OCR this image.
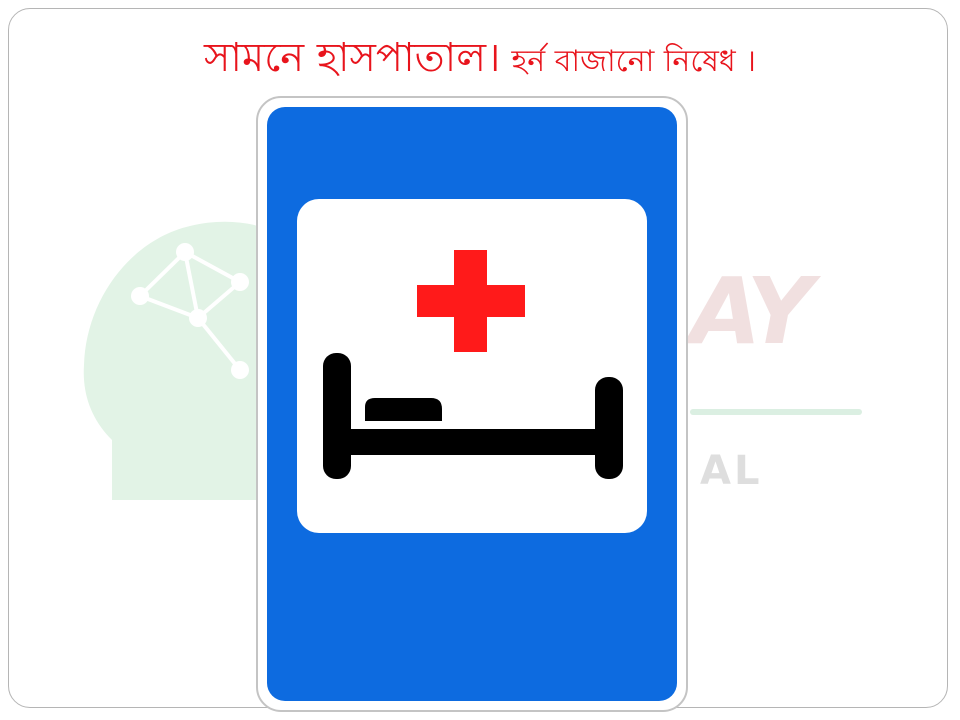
AY
AL
সামনে হাসপাতাল। হর্ন বাজানো নিষেধ ।
